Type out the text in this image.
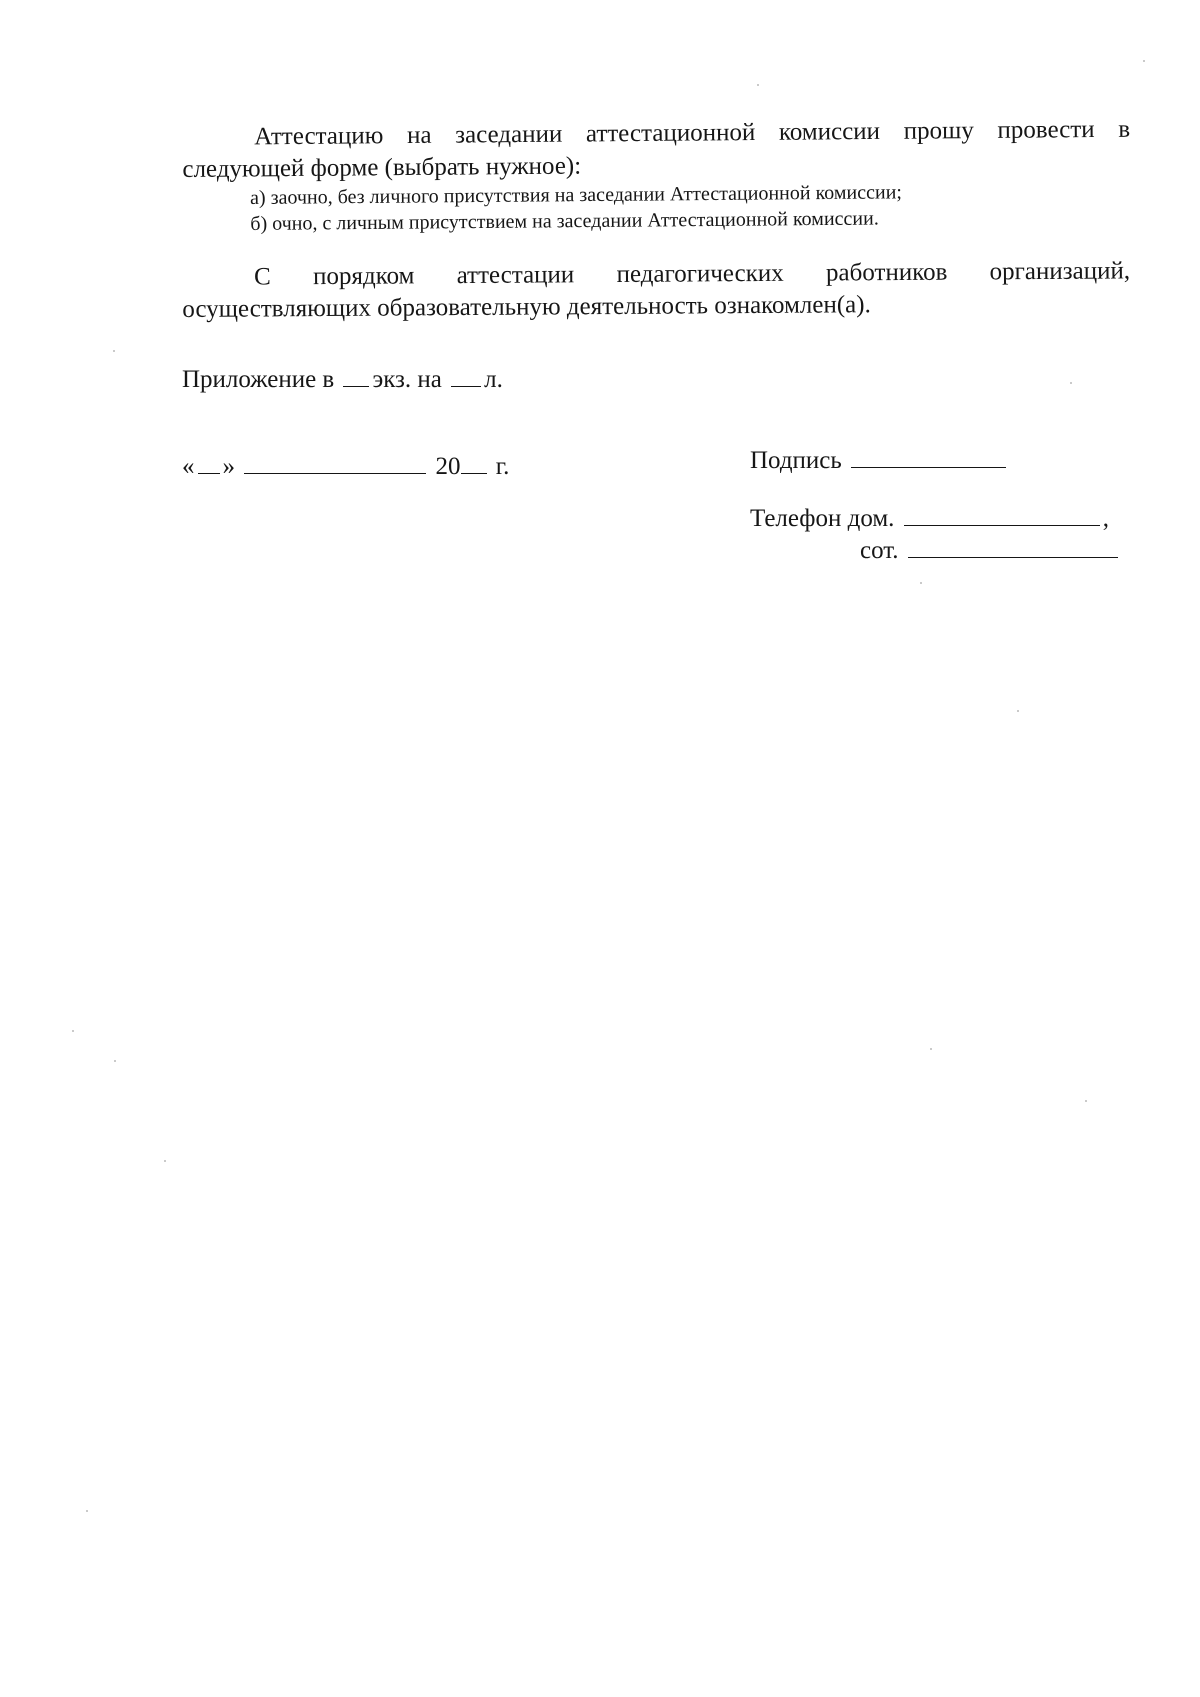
Аттестацию на заседании аттестационной комиссии прошу провести в следующей форме (выбрать нужное):

а) заочно, без личного присутствия на заседании Аттестационной комиссии;
б) очно, с личным присутствием на заседании Аттестационной комиссии.

С порядком аттестации педагогических работников организаций, осуществляющих образовательную деятельность ознакомлен(а).

Приложение в экз. на л.
« »	20 г.	Подпись
Телефон дом.	,
сот.
